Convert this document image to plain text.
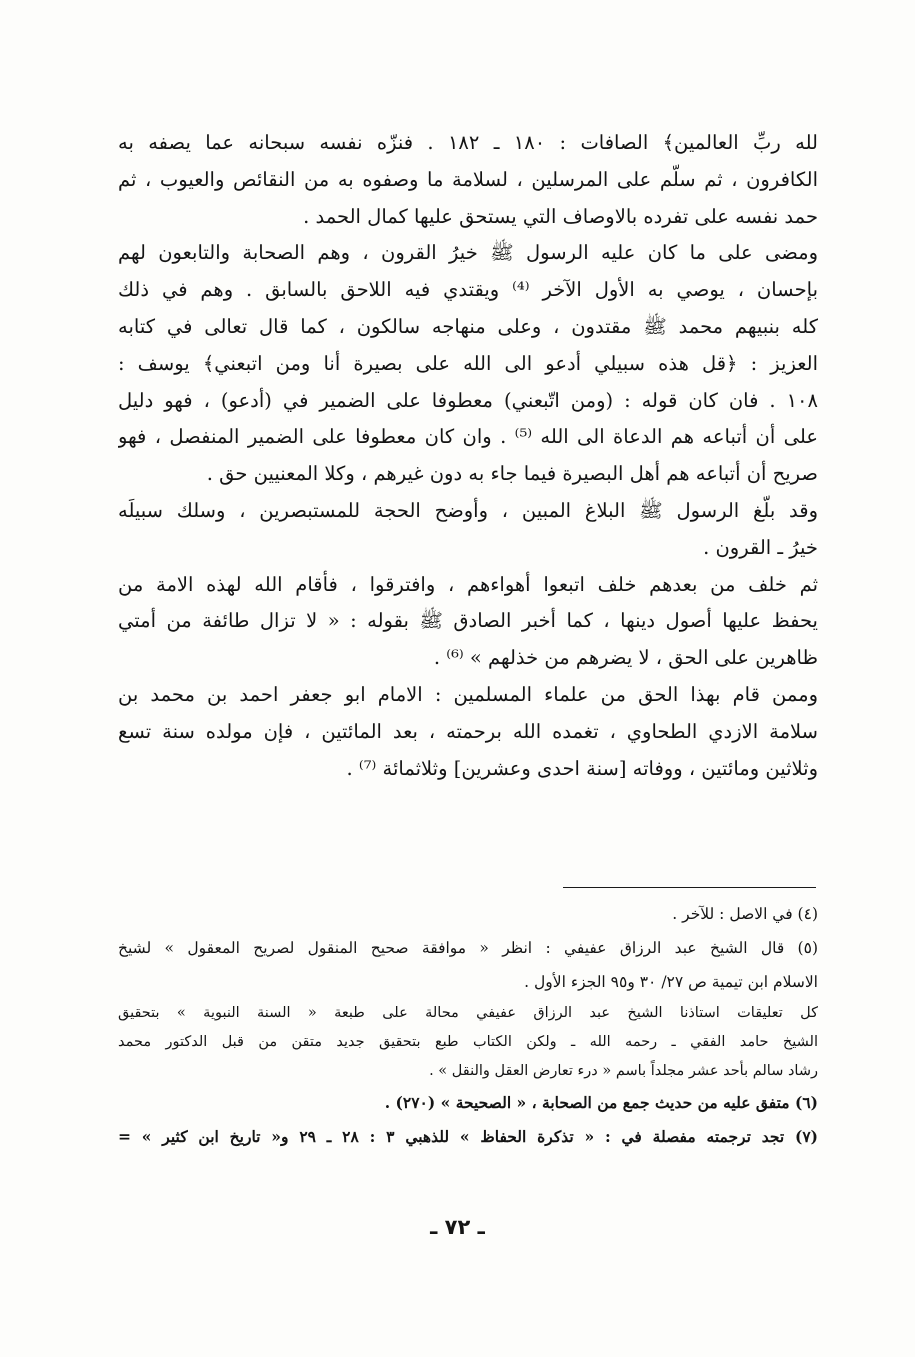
لله ربِّ العالمين﴾ الصافات : ١٨٠ ـ ١٨٢ . فنزّه نفسه سبحانه عما يصفه به
الكافرون ، ثم سلّم على المرسلين ، لسلامة ما وصفوه به من النقائص والعيوب ، ثم
حمد نفسه على تفرده بالاوصاف التي يستحق عليها كمال الحمد .
ومضى على ما كان عليه الرسول ﷺ خيرُ القرون ، وهم الصحابة والتابعون لهم
بإحسان ، يوصي به الأول الآخر ⁽⁴⁾ ويقتدي فيه اللاحق بالسابق . وهم في ذلك
كله بنبيهم محمد ﷺ مقتدون ، وعلى منهاجه سالكون ، كما قال تعالى في كتابه
العزيز : ﴿قل هذه سبيلي أدعو الى الله على بصيرة أنا ومن اتبعني﴾ يوسف :
١٠٨ . فان كان قوله : (ومن اتّبعني) معطوفا على الضمير في (أدعو) ، فهو دليل
على أن أتباعه هم الدعاة الى الله ⁽⁵⁾ . وان كان معطوفا على الضمير المنفصل ، فهو
صريح أن أتباعه هم أهل البصيرة فيما جاء به دون غيرهم ، وكلا المعنيين حق .
وقد بلّغ الرسول ﷺ البلاغ المبين ، وأوضح الحجة للمستبصرين ، وسلك سبيلَه
خيرُ ـ القرون .
ثم خلف من بعدهم خلف اتبعوا أهواءهم ، وافترقوا ، فأقام الله لهذه الامة من
يحفظ عليها أصول دينها ، كما أخبر الصادق ﷺ بقوله : « لا تزال طائفة من أمتي
ظاهرين على الحق ، لا يضرهم من خذلهم » ⁽⁶⁾ .
وممن قام بهذا الحق من علماء المسلمين : الامام ابو جعفر احمد بن محمد بن
سلامة الازدي الطحاوي ، تغمده الله برحمته ، بعد المائتين ، فإن مولده سنة تسع
وثلاثين ومائتين ، ووفاته [سنة احدى وعشرين] وثلاثمائة ⁽⁷⁾ .
(٤) في الاصل : للآخر .
(٥) قال الشيخ عبد الرزاق عفيفي : انظر « موافقة صحيح المنقول لصريح المعقول » لشيخ
الاسلام ابن تيمية ص ٢٧/ ٣٠ و٩٥ الجزء الأول .
كل تعليقات استاذنا الشيخ عبد الرزاق عفيفي محالة على طبعة « السنة النبوية » بتحقيق
الشيخ حامد الفقي ـ رحمه الله ـ ولكن الكتاب طبع بتحقيق جديد متقن من قبل الدكتور محمد
رشاد سالم بأحد عشر مجلداً باسم « درء تعارض العقل والنقل » .
(٦) متفق عليه من حديث جمع من الصحابة ، « الصحيحة » (٢٧٠) .
(٧) تجد ترجمته مفصلة في : « تذكرة الحفاظ » للذهبي ٣ : ٢٨ ـ ٢٩ و« تاريخ ابن كثير » =
ـ ٧٢ ـ
